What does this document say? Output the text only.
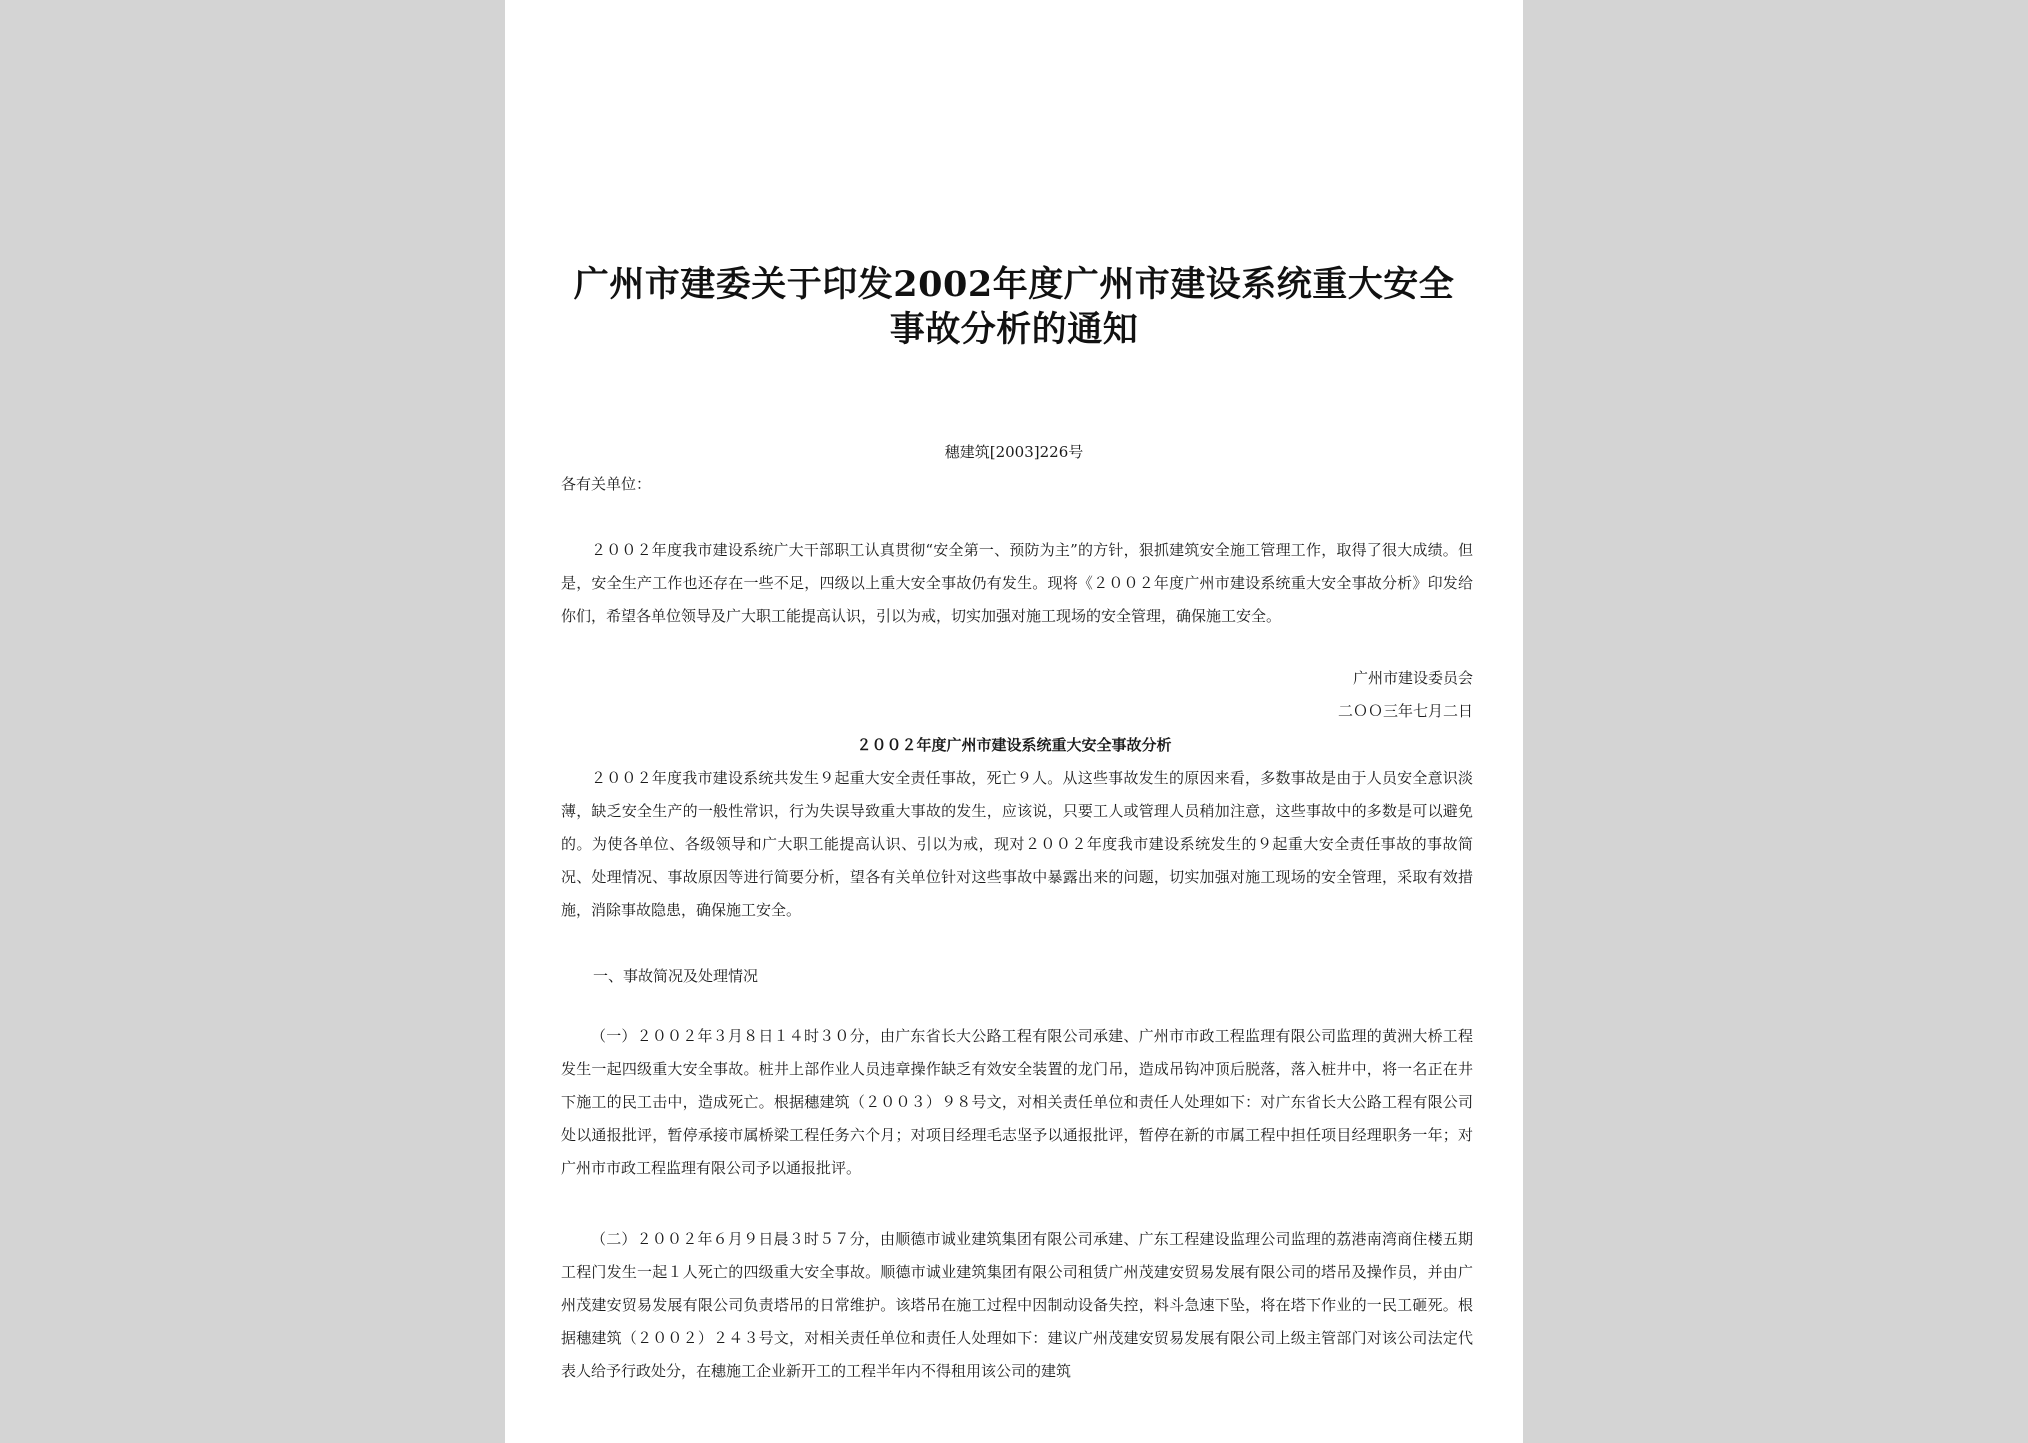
广州市建委关于印发2002年度广州市建设系统重大安全
事故分析的通知
穗建筑[2003]226号
各有关单位：

２００２年度我市建设系统广大干部职工认真贯彻“安全第一、预防为主”的方针，狠抓建筑安全施工管理工作，取得了很大成绩。但是，安全生产工作也还存在一些不足，四级以上重大安全事故仍有发生。现将《２００２年度广州市建设系统重大安全事故分析》印发给你们，希望各单位领导及广大职工能提高认识，引以为戒，切实加强对施工现场的安全管理，确保施工安全。

广州市建设委员会
二ＯＯ三年七月二日
２００２年度广州市建设系统重大安全事故分析

２００２年度我市建设系统共发生９起重大安全责任事故，死亡９人。从这些事故发生的原因来看，多数事故是由于人员安全意识淡薄，缺乏安全生产的一般性常识，行为失误导致重大事故的发生，应该说，只要工人或管理人员稍加注意，这些事故中的多数是可以避免的。为使各单位、各级领导和广大职工能提高认识、引以为戒，现对２００２年度我市建设系统发生的９起重大安全责任事故的事故简况、处理情况、事故原因等进行简要分析，望各有关单位针对这些事故中暴露出来的问题，切实加强对施工现场的安全管理，采取有效措施，消除事故隐患，确保施工安全。

一、事故简况及处理情况

（一）２００２年３月８日１４时３０分，由广东省长大公路工程有限公司承建、广州市市政工程监理有限公司监理的黄洲大桥工程发生一起四级重大安全事故。桩井上部作业人员违章操作缺乏有效安全装置的龙门吊，造成吊钩冲顶后脱落，落入桩井中，将一名正在井下施工的民工击中，造成死亡。根据穗建筑（２００３）９８号文，对相关责任单位和责任人处理如下：对广东省长大公路工程有限公司处以通报批评，暂停承接市属桥梁工程任务六个月；对项目经理毛志坚予以通报批评，暂停在新的市属工程中担任项目经理职务一年；对广州市市政工程监理有限公司予以通报批评。

（二）２００２年６月９日晨３时５７分，由顺德市诚业建筑集团有限公司承建、广东工程建设监理公司监理的荔港南湾商住楼五期工程门发生一起１人死亡的四级重大安全事故。顺德市诚业建筑集团有限公司租赁广州茂建安贸易发展有限公司的塔吊及操作员，并由广州茂建安贸易发展有限公司负责塔吊的日常维护。该塔吊在施工过程中因制动设备失控，料斗急速下坠，将在塔下作业的一民工砸死。根据穗建筑（２００２）２４３号文，对相关责任单位和责任人处理如下：建议广州茂建安贸易发展有限公司上级主管部门对该公司法定代表人给予行政处分，在穗施工企业新开工的工程半年内不得租用该公司的建筑
